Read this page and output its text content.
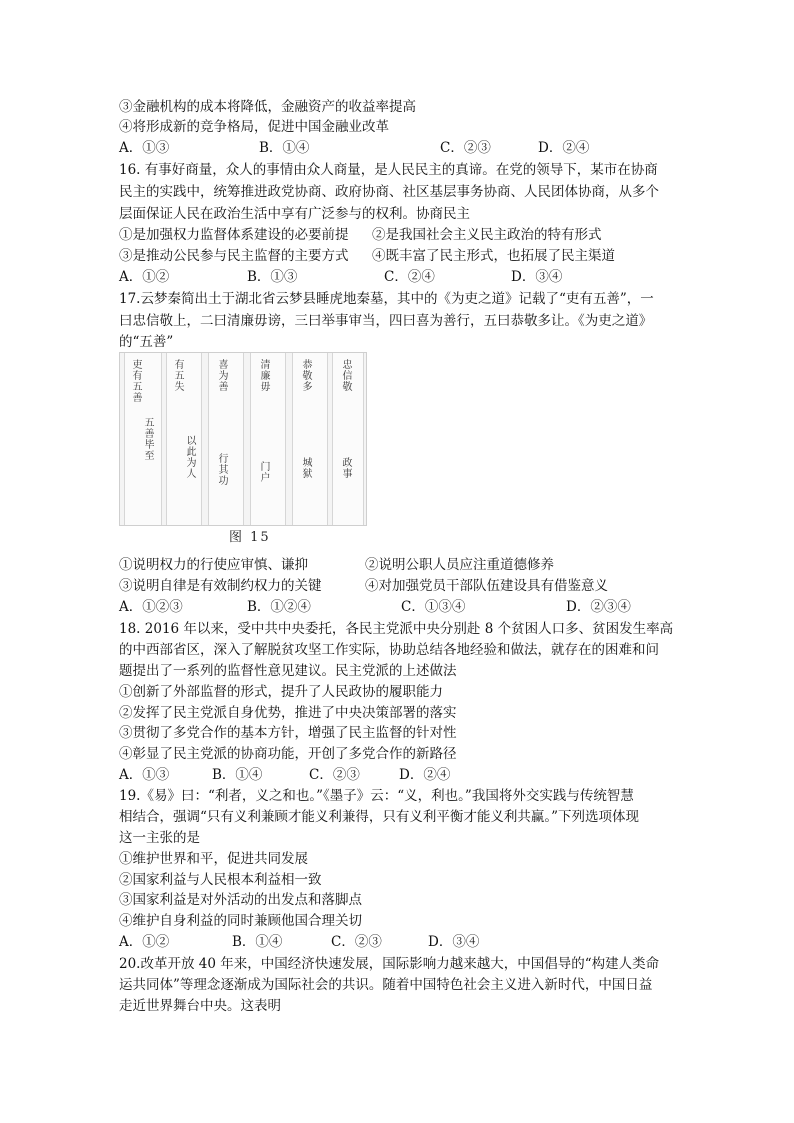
③金融机构的成本将降低，金融资产的收益率提高
④将形成新的竞争格局，促进中国金融业改革
A．①③	B．①④	C．②③	D．②④
16. 有事好商量，众人的事情由众人商量，是人民民主的真谛。在党的领导下，某市在协商
民主的实践中，统筹推进政党协商、政府协商、社区基层事务协商、人民团体协商，从多个
层面保证人民在政治生活中享有广泛参与的权利。协商民主
①是加强权力监督体系建设的必要前提 ②是我国社会主义民主政治的特有形式
③是推动公民参与民主监督的主要方式 ④既丰富了民主形式，也拓展了民主渠道
A．①②	B．①③	C．②④	D．③④
17.云梦秦简出土于湖北省云梦县睡虎地秦墓，其中的《为吏之道》记载了“吏有五善”，一
曰忠信敬上，二曰清廉毋谤，三曰举事审当，四曰喜为善行，五曰恭敬多让。《为吏之道》
的“五善”
吏有五善
五善毕至
有五失
以此为人
喜为善
行其功
清廉毋
门户
恭敬多
城狱
忠信敬
政事
图 15
①说明权力的行使应审慎、谦抑	②说明公职人员应注重道德修养
③说明自律是有效制约权力的关键	④对加强党员干部队伍建设具有借鉴意义
A．①②③	B．①②④	C．①③④	D．②③④
18. 2016 年以来，受中共中央委托，各民主党派中央分别赴 8 个贫困人口多、贫困发生率高
的中西部省区，深入了解脱贫攻坚工作实际，协助总结各地经验和做法，就存在的困难和问
题提出了一系列的监督性意见建议。民主党派的上述做法
①创新了外部监督的形式，提升了人民政协的履职能力
②发挥了民主党派自身优势，推进了中央决策部署的落实
③贯彻了多党合作的基本方针，增强了民主监督的针对性
④彰显了民主党派的协商功能，开创了多党合作的新路径
A．①③	B．①④	C．②③	D．②④
19.《易》曰：“利者，义之和也。”《墨子》云：“义，利也。”我国将外交实践与传统智慧
相结合，强调“只有义利兼顾才能义利兼得，只有义利平衡才能义利共赢。”下列选项体现
这一主张的是
①维护世界和平，促进共同发展
②国家利益与人民根本利益相一致
③国家利益是对外活动的出发点和落脚点
④维护自身利益的同时兼顾他国合理关切
A．①②	B．①④	C．②③	D．③④
20.改革开放 40 年来，中国经济快速发展，国际影响力越来越大，中国倡导的“构建人类命
运共同体”等理念逐渐成为国际社会的共识。随着中国特色社会主义进入新时代，中国日益
走近世界舞台中央。这表明
